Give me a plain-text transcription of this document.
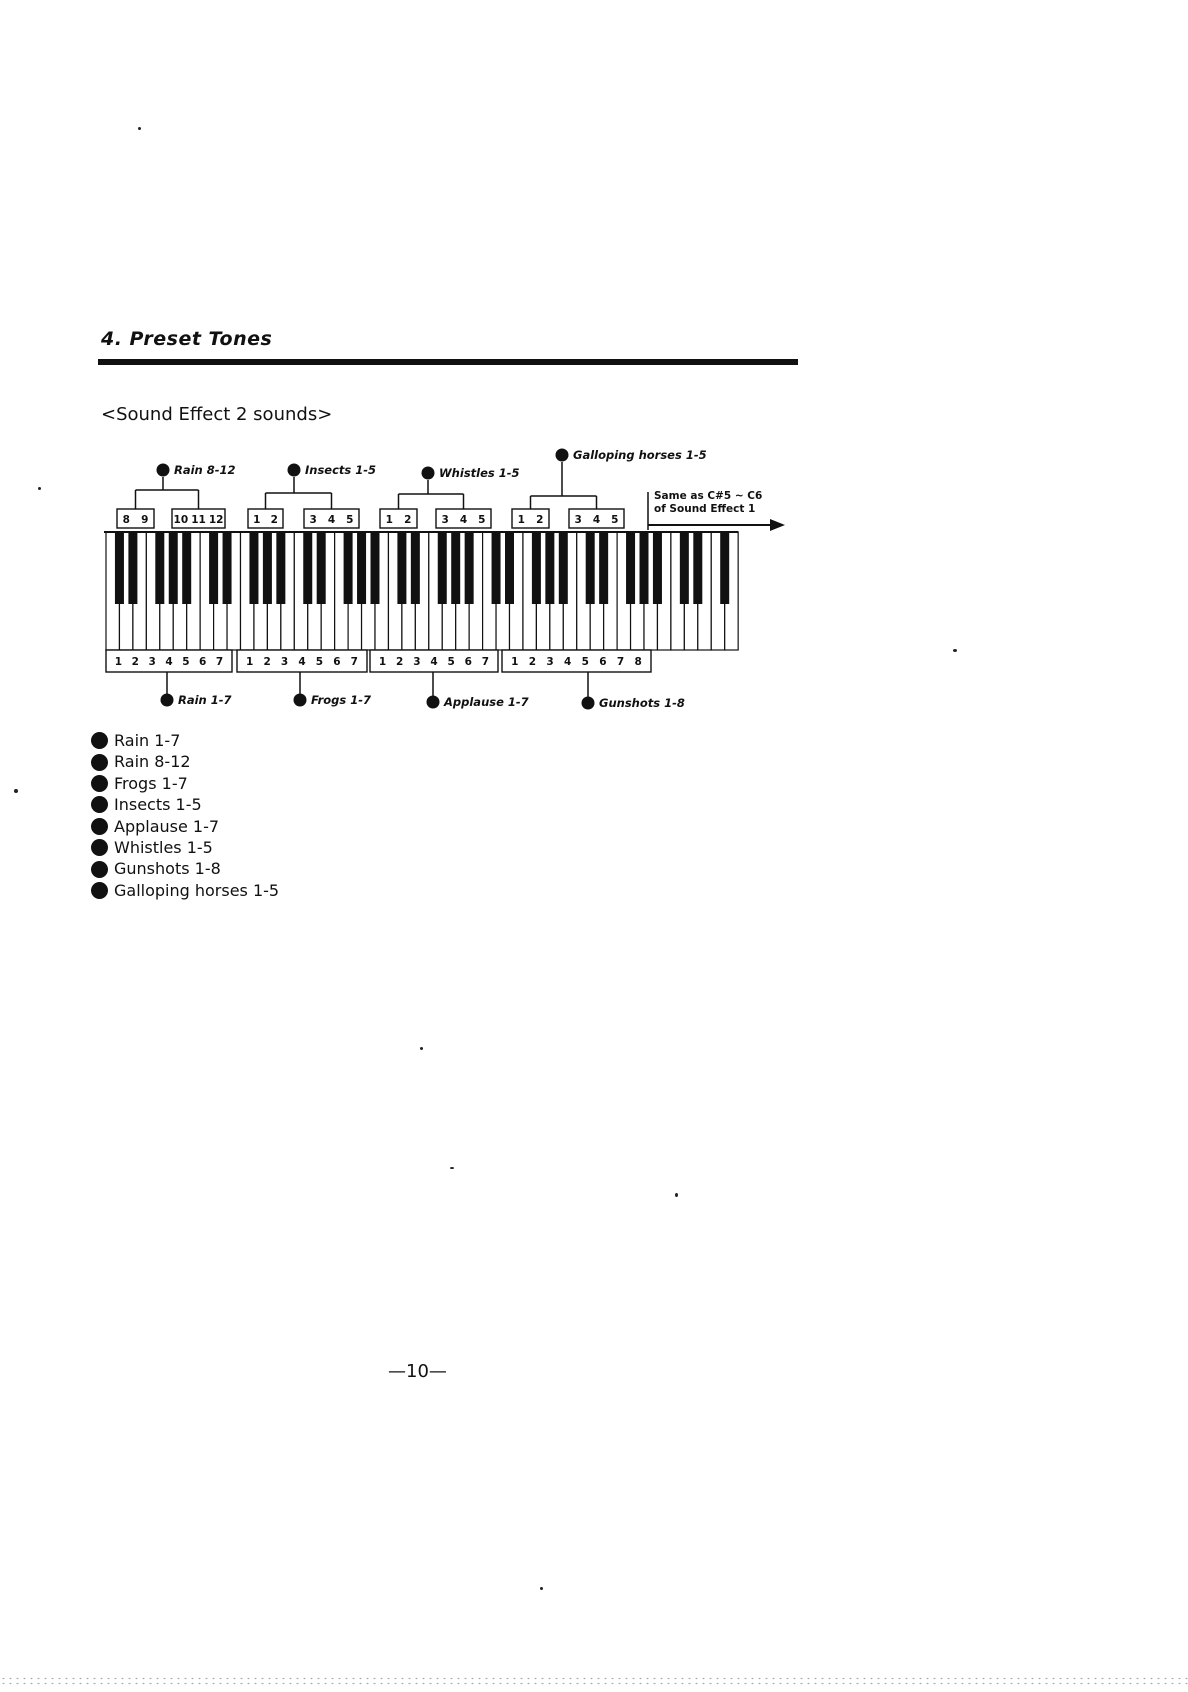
4. Preset Tones
<Sound Effect 2 sounds>
8 9 10 11 12	1 2	3 4 5	1 2	3 4 5	1 2	3 4 5
1 2 3 4 5 6 7 1 2 3 4 5 6 7 1 2 3 4 5 6 7 1 2 3 4 5 6 7 8
Rain 8-12	Insects 1-5	Whistles 1-5
Galloping horses 1-5
Rain 1-7	Frogs 1-7	Applause 1-7	Gunshots 1-8
Same as C#5 ~ C6
of Sound Effect 1
Rain 1-7
Rain 8-12
Frogs 1-7
Insects 1-5
Applause 1-7
Whistles 1-5
Gunshots 1-8
Galloping horses 1-5
—10—
